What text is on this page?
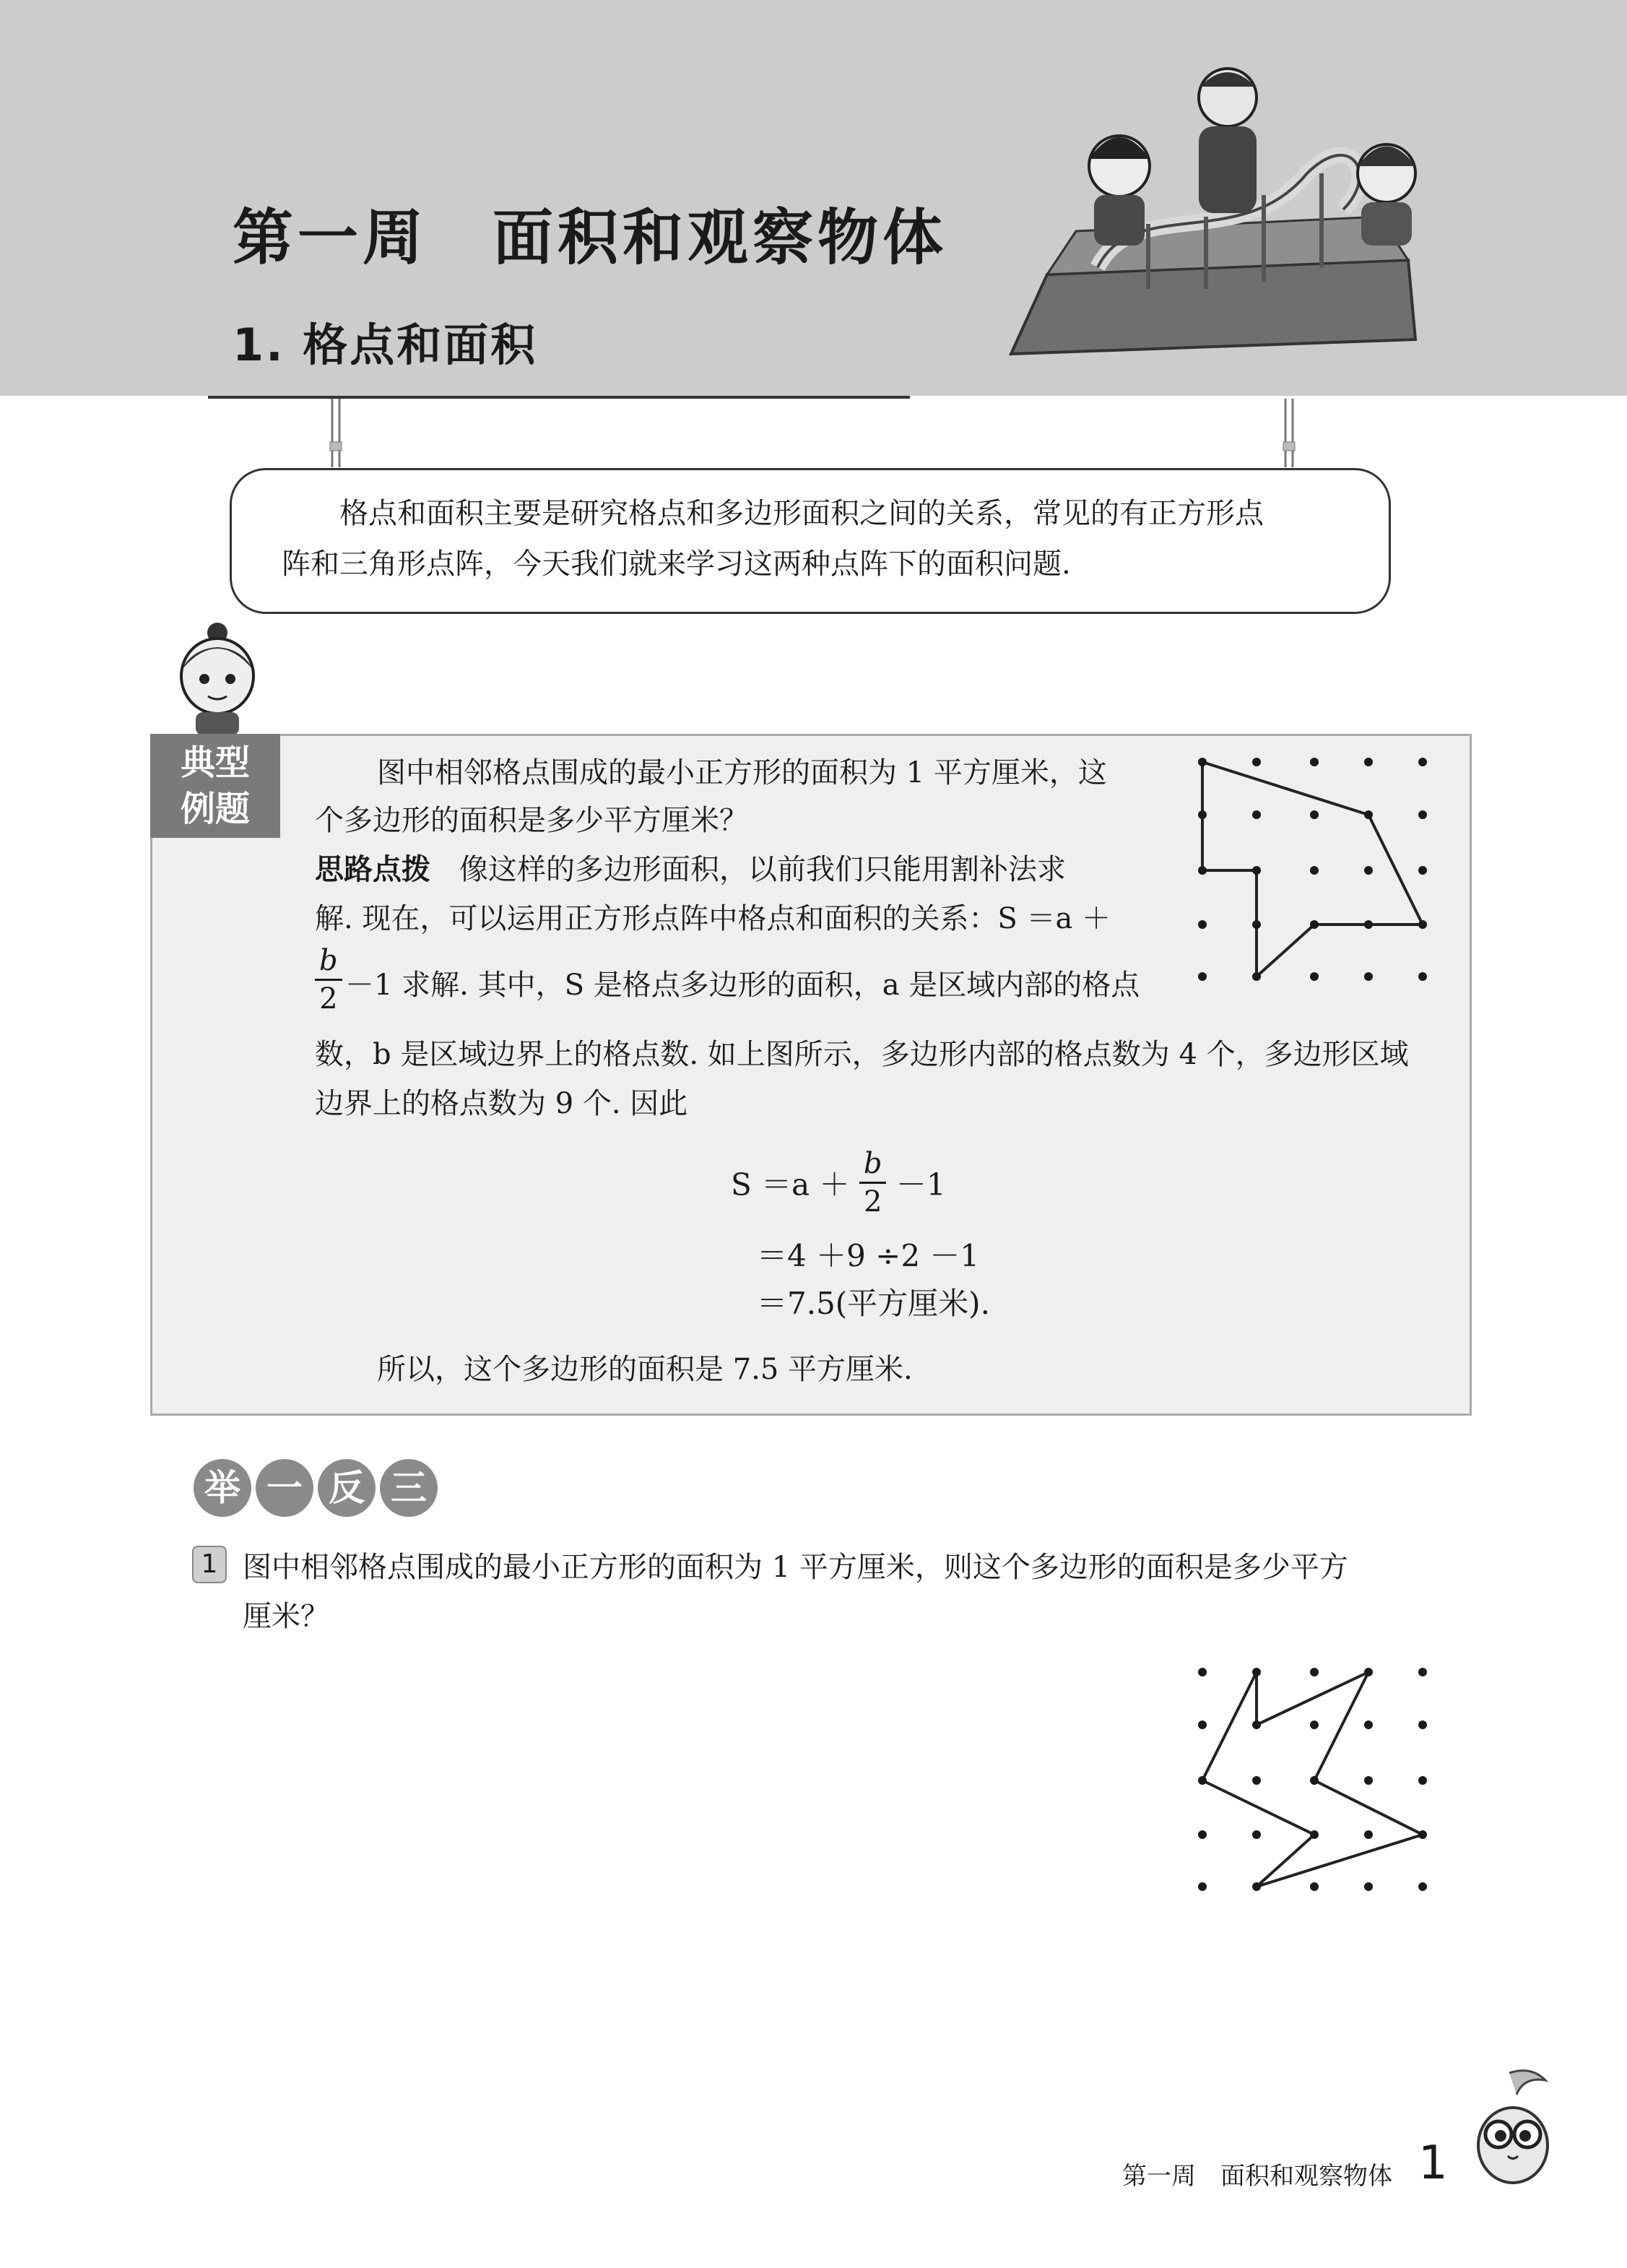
第一周　面积和观察物体
1. 格点和面积
格点和面积主要是研究格点和多边形面积之间的关系，常见的有正方形点
阵和三角形点阵，今天我们就来学习这两种点阵下的面积问题.
典型
例题
图中相邻格点围成的最小正方形的面积为 1 平方厘米，这
个多边形的面积是多少平方厘米？
思路点拨 像这样的多边形面积，以前我们只能用割补法求
解. 现在，可以运用正方形点阵中格点和面积的关系：S ＝a ＋
$\frac{b}{2} -1$ 求解. 其中，S 是格点多边形的面积，a 是区域内部的格点
数，b 是区域边界上的格点数. 如上图所示，多边形内部的格点数为 4 个，多边形区域
边界上的格点数为 9 个. 因此
$S =a + \frac{b}{2} -1$
＝4 ＋9 ÷2 －1
＝7.5(平方厘米).
所以，这个多边形的面积是 7.5 平方厘米.
举 一 反 三
1 图中相邻格点围成的最小正方形的面积为 1 平方厘米，则这个多边形的面积是多少平方
厘米？
第一周　面积和观察物体 1
